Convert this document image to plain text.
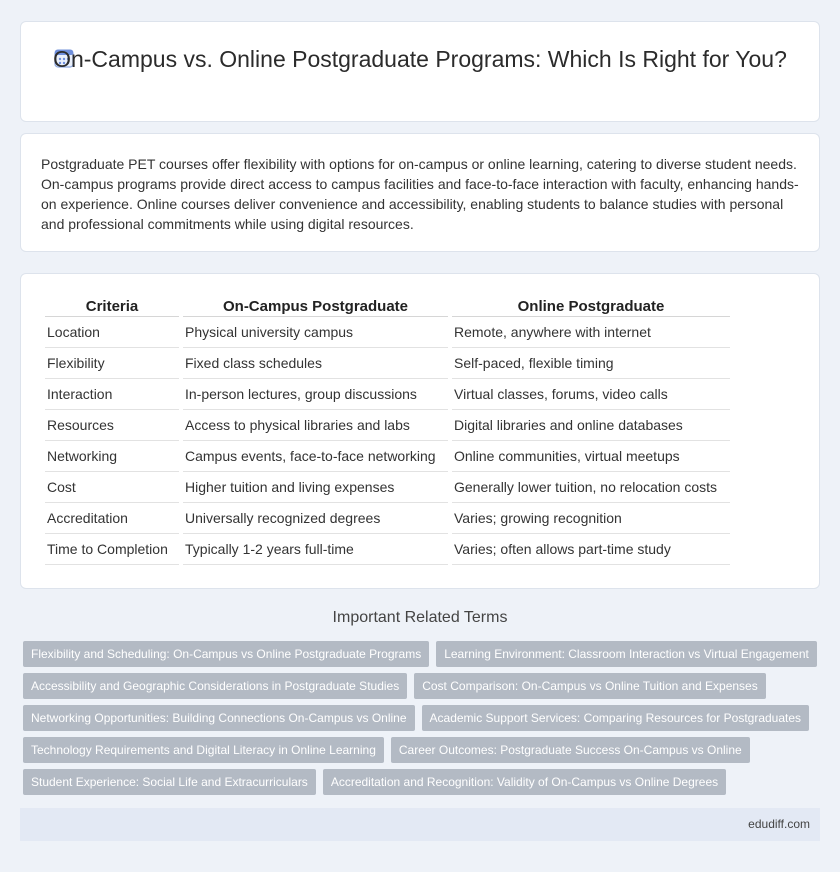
On-Campus vs. Online Postgraduate Programs: Which Is Right for You?

Postgraduate PET courses offer flexibility with options for on-campus or online learning, catering to diverse student needs. On-campus programs provide direct access to campus facilities and face-to-face interaction with faculty, enhancing hands-on experience. Online courses deliver convenience and accessibility, enabling students to balance studies with personal and professional commitments while using digital resources.

Criteria	On-Campus Postgraduate	Online Postgraduate
Location	Physical university campus	Remote, anywhere with internet
Flexibility	Fixed class schedules	Self-paced, flexible timing
Interaction	In-person lectures, group discussions	Virtual classes, forums, video calls
Resources	Access to physical libraries and labs	Digital libraries and online databases
Networking	Campus events, face-to-face networking	Online communities, virtual meetups
Cost	Higher tuition and living expenses	Generally lower tuition, no relocation costs
Accreditation	Universally recognized degrees	Varies; growing recognition
Time to Completion	Typically 1-2 years full-time	Varies; often allows part-time study
Important Related Terms
Flexibility and Scheduling: On-Campus vs Online Postgraduate Programs	Learning Environment: Classroom Interaction vs Virtual Engagement
Accessibility and Geographic Considerations in Postgraduate Studies	Cost Comparison: On-Campus vs Online Tuition and Expenses
Networking Opportunities: Building Connections On-Campus vs Online	Academic Support Services: Comparing Resources for Postgraduates
Technology Requirements and Digital Literacy in Online Learning	Career Outcomes: Postgraduate Success On-Campus vs Online
Student Experience: Social Life and Extracurriculars	Accreditation and Recognition: Validity of On-Campus vs Online Degrees
edudiff.com
